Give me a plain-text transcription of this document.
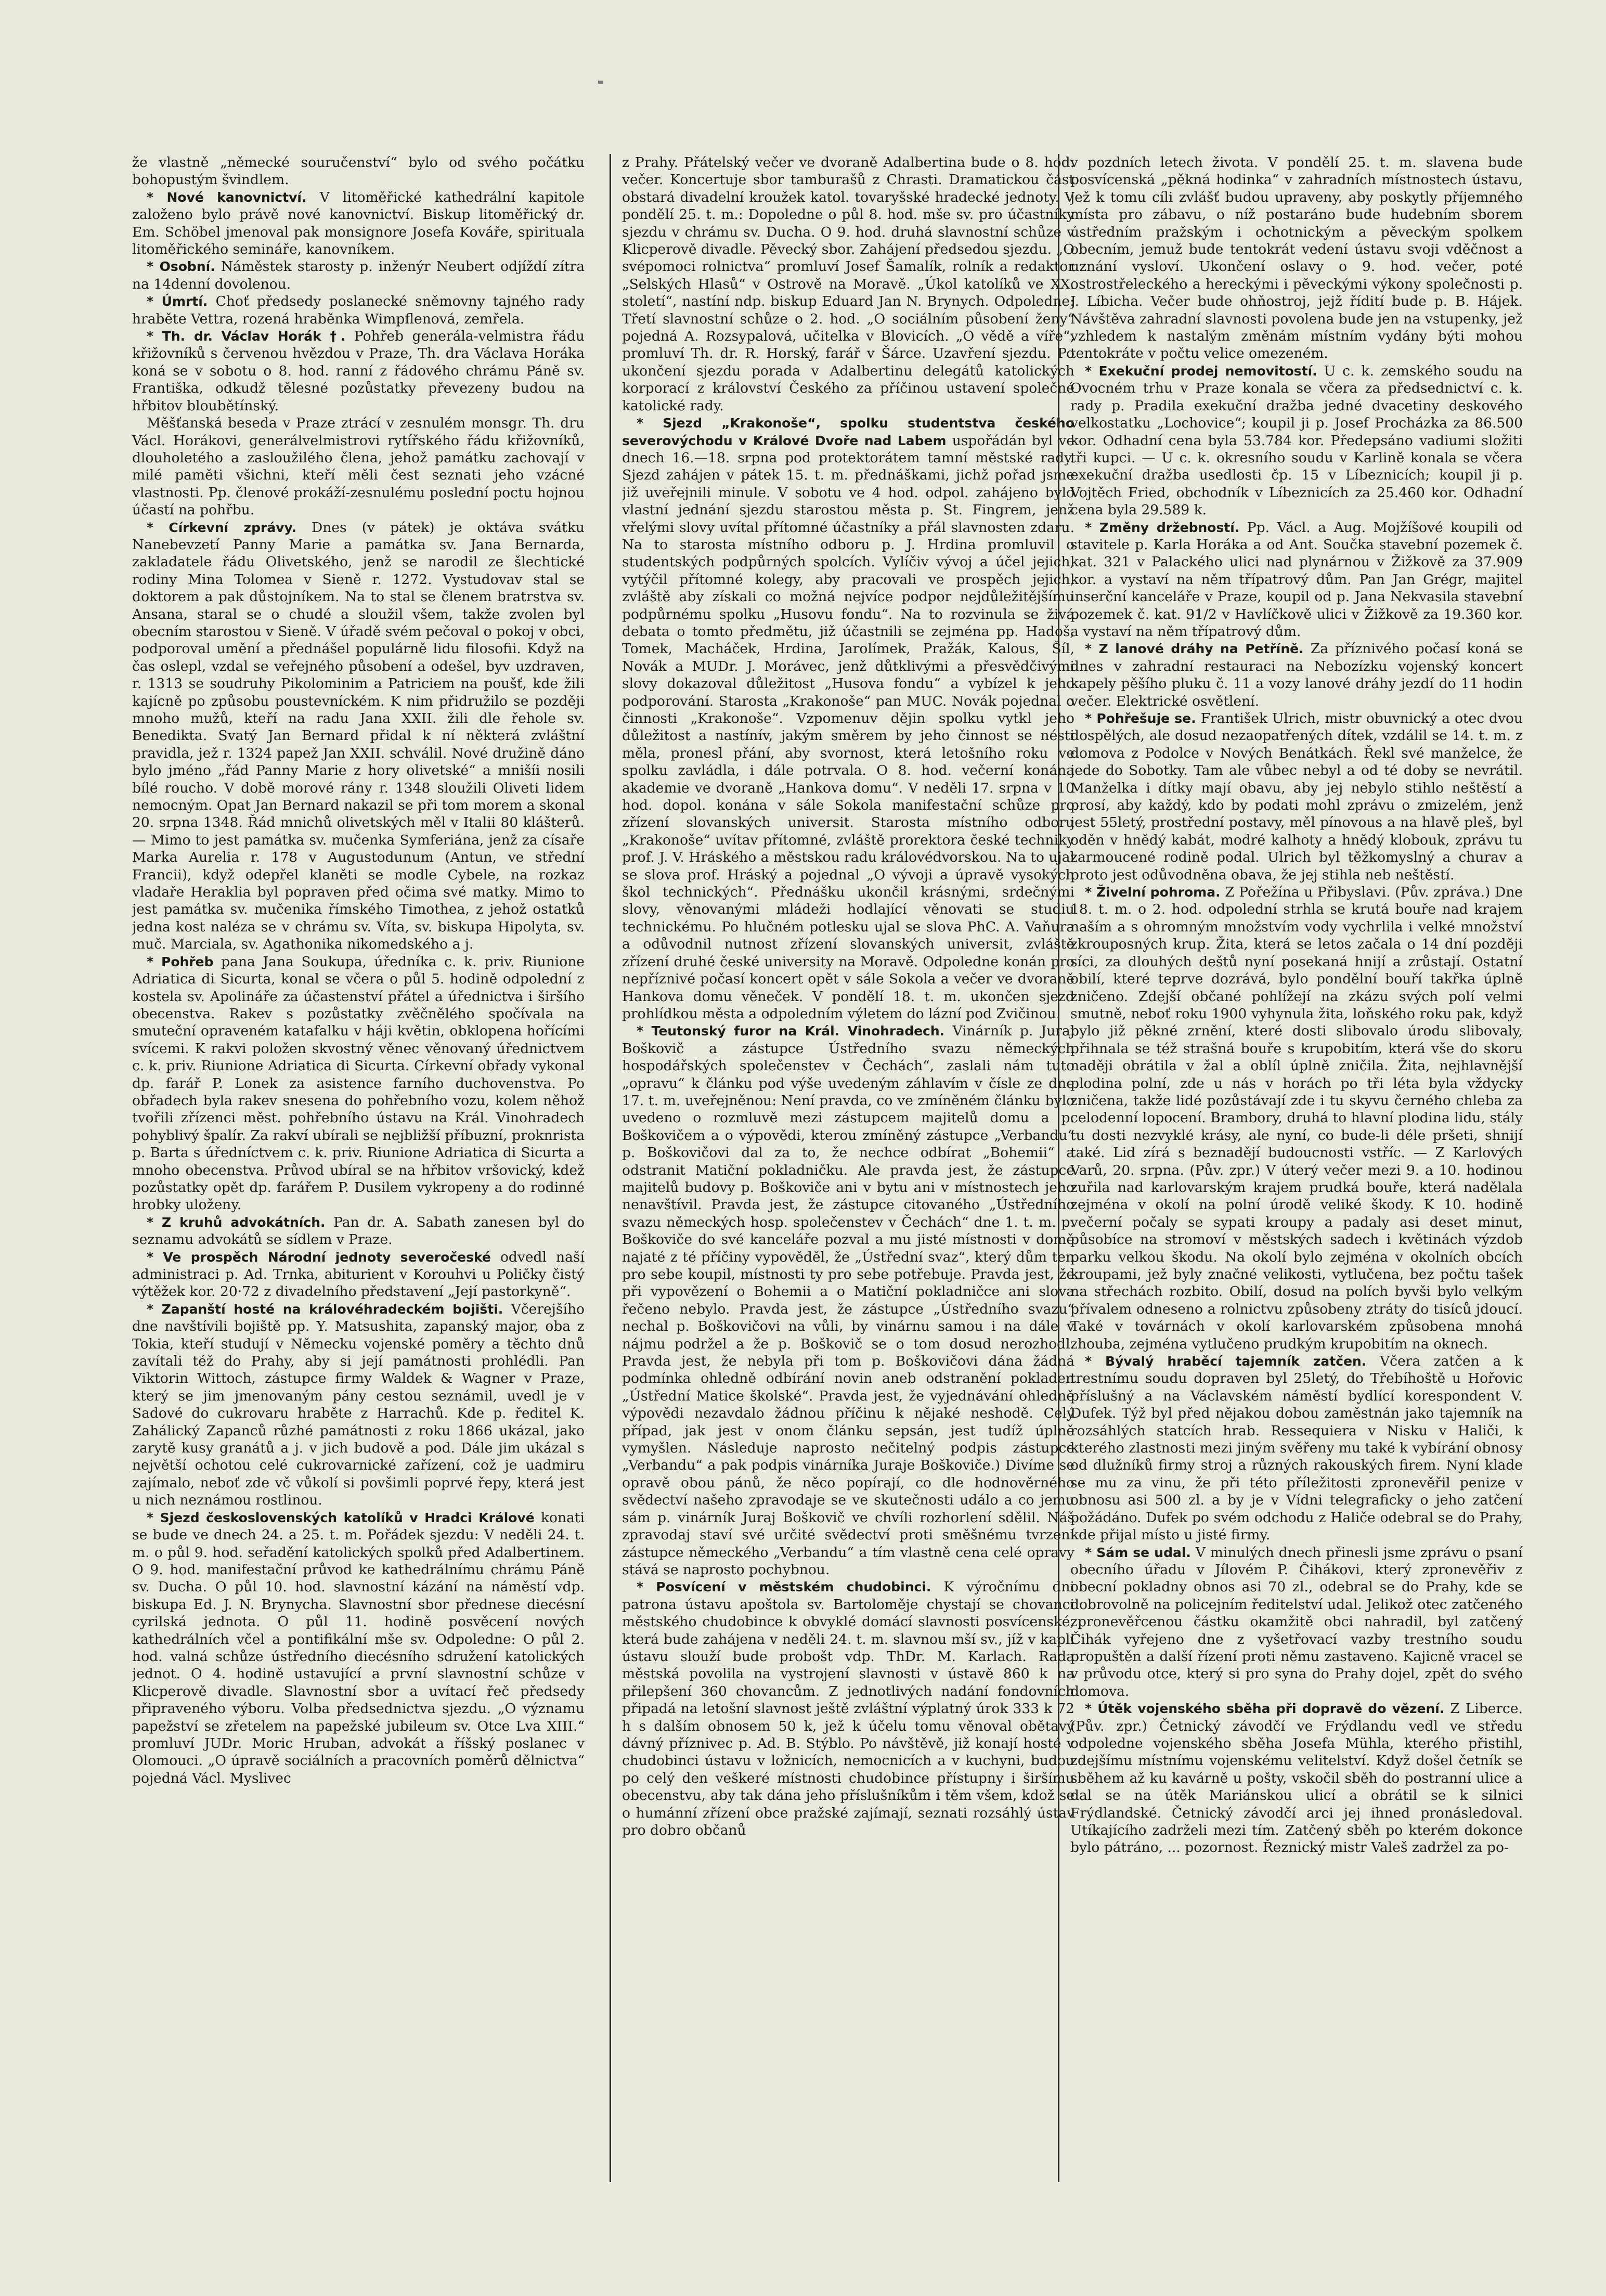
že vlastně „německé souručenství“ bylo od svého počátku bohopustým švindlem.

* Nové kanovnictví. V litoměřické kathedrální kapitole založeno bylo právě nové kanovnictví. Biskup litoměřický dr. Em. Schöbel jmenoval pak monsignore Josefa Kováře, spirituala litoměřického semináře, kanovníkem.

* Osobní. Náměstek starosty p. inženýr Neubert odjíždí zítra na 14denní dovolenou.

* Úmrtí. Choť předsedy poslanecké sněmovny tajného rady hraběte Vettra, rozená hraběnka Wimpflenová, zemřela.

* Th. dr. Václav Horák †. Pohřeb generála-velmistra řádu křižovníků s červenou hvězdou v Praze, Th. dra Václava Horáka koná se v sobotu o 8. hod. ranní z řádového chrámu Páně sv. Františka, odkudž tělesné pozůstatky převezeny budou na hřbitov bloubětínský.

Měšťanská beseda v Praze ztrácí v zesnulém monsgr. Th. dru Václ. Horákovi, generálvelmistrovi rytířského řádu křižovníků, dlouholetého a zasloužilého člena, jehož památku zachovají v milé paměti všichni, kteří měli čest seznati jeho vzácné vlastnosti. Pp. členové prokáží-zesnulému poslední poctu hojnou účastí na pohřbu.

* Církevní zprávy. Dnes (v pátek) je oktáva svátku Nanebevzetí Panny Marie a památka sv. Jana Bernarda, zakladatele řádu Olivetského, jenž se narodil ze šlechtické rodiny Mina Tolomea v Sieně r. 1272. Vystudovav stal se doktorem a pak důstojníkem. Na to stal se členem bratrstva sv. Ansana, staral se o chudé a sloužil všem, takže zvolen byl obecním starostou v Sieně. V úřadě svém pečoval o pokoj v obci, podporoval umění a přednášel populárně lidu filosofii. Když na čas oslepl, vzdal se veřejného působení a odešel, byv uzdraven, r. 1313 se soudruhy Pikolominim a Patriciem na poušť, kde žili kajícně po způsobu poustevníckém. K nim přidružilo se později mnoho mužů, kteří na radu Jana XXII. žili dle řehole sv. Benedikta. Svatý Jan Bernard přidal k ní některá zvláštní pravidla, jež r. 1324 papež Jan XXII. schválil. Nové družině dáno bylo jméno „řád Panny Marie z hory olivetské“ a mnišíi nosili bílé roucho. V době morové rány r. 1348 sloužili Oliveti lidem nemocným. Opat Jan Bernard nakazil se při tom morem a skonal 20. srpna 1348. Řád mnichů olivetských měl v Italii 80 klášterů. — Mimo to jest památka sv. mučenka Symferiána, jenž za císaře Marka Aurelia r. 178 v Augustodunum (Antun, ve střední Francii), když odepřel klaněti se modle Cybele, na rozkaz vladaře Heraklia byl popraven před očima své matky. Mimo to jest památka sv. mučenika římského Timothea, z jehož ostatků jedna kost naléza se v chrámu sv. Víta, sv. biskupa Hipolyta, sv. muč. Marciala, sv. Agathonika nikomedského a j.

* Pohřeb pana Jana Soukupa, úředníka c. k. priv. Riunione Adriatica di Sicurta, konal se včera o půl 5. hodině odpolední z kostela sv. Apolináře za účastenství přátel a úřednictva i širšího obecenstva. Rakev s pozůstatky zvěčnělého spočívala na smuteční opraveném katafalku v háji květin, obklopena hořícími svícemi. K rakvi položen skvostný věnec věnovaný úřednictvem c. k. priv. Riunione Adriatica di Sicurta. Církevní obřady vykonal dp. farář P. Lonek za asistence farního duchovenstva. Po obřadech byla rakev snesena do pohřebního vozu, kolem něhož tvořili zřízenci měst. pohřebního ústavu na Král. Vinohradech pohyblivý špalír. Za rakví ubírali se nejbližší příbuzní, proknrista p. Barta s úředníctvem c. k. priv. Riunione Adriatica di Sicurta a mnoho obecenstva. Průvod ubíral se na hřbitov vršovický, kdež pozůstatky opět dp. farářem P. Dusilem vykropeny a do rodinné hrobky uloženy.

* Z kruhů advokátních. Pan dr. A. Sabath zanesen byl do seznamu advokátů se sídlem v Praze.

* Ve prospěch Národní jednoty severočeské odvedl naší administraci p. Ad. Trnka, abiturient v Korouhvi u Poličky čistý výtěžek kor. 20·72 z divadelního představení „Její pastorkyně“.

* Zapanští hosté na královéhradeckém bojišti. Včerejšího dne navštívili bojiště pp. Y. Matsushita, zapanský major, oba z Tokia, kteří studují v Německu vojenské poměry a těchto dnů zavítali též do Prahy, aby si její památnosti prohlédli. Pan Viktorin Wittoch, zástupce firmy Waldek & Wagner v Praze, který se jim jmenovaným pány cestou seznámil, uvedl je v Sadové do cukrovaru hraběte z Harrachů. Kde p. ředitel K. Zahálický Zapanců růzhé památnosti z roku 1866 ukázal, jako zarytě kusy granátů a j. v jich budově a pod. Dále jim ukázal s největší ochotou celé cukrovarnické zařízení, což je uadmiru zajímalo, neboť zde vč vůkolí si povšimli poprvé řepy, která jest u nich neznámou rostlinou.

* Sjezd československých katolíků v Hradci Králové konati se bude ve dnech 24. a 25. t. m. Pořádek sjezdu: V neděli 24. t. m. o půl 9. hod. seřadění katolických spolků před Adalbertinem. O 9. hod. manifestační průvod ke kathedrálnímu chrámu Páně sv. Ducha. O půl 10. hod. slavnostní kázání na náměstí vdp. biskupa Ed. J. N. Brynycha. Slavnostní sbor přednese diecésní cyrilská jednota. O půl 11. hodině posvěcení nových kathedrálních včel a pontifikální mše sv. Odpoledne: O půl 2. hod. valná schůze ústředního diecésního sdružení katolických jednot. O 4. hodině ustavující a první slavnostní schůze v Klicperově divadle. Slavnostní sbor a uvítací řeč předsedy připraveného výboru. Volba předsednictva sjezdu. „O významu papežství se zřetelem na papežské jubileum sv. Otce Lva XIII.“ promluví JUDr. Moric Hruban, advokát a říšský poslanec v Olomouci. „O úpravě sociálních a pracovních poměrů dělnictva“ pojedná Václ. Myslivec

z Prahy. Přátelský večer ve dvoraně Adalbertina bude o 8. hod. večer. Koncertuje sbor tamburašů z Chrasti. Dramatickou část obstará divadelní kroužek katol. tovaryšské hradecké jednoty. V pondělí 25. t. m.: Dopoledne o půl 8. hod. mše sv. pro účastníky sjezdu v chrámu sv. Ducha. O 9. hod. druhá slavnostní schůze v Klicperově divadle. Pěvecký sbor. Zahájení předsedou sjezdu. „O svépomoci rolnictva“ promluví Josef Šamalík, rolník a redaktor „Selských Hlasů“ v Ostrově na Moravě. „Úkol katolíků ve XX. století“, nastíní ndp. biskup Eduard Jan N. Brynych. Odpoledne: Třetí slavnostní schůze o 2. hod. „O sociálním působení ženy“ pojedná A. Rozsypalová, učitelka v Blovicích. „O vědě a víře“, promluví Th. dr. R. Horský, farář v Šárce. Uzavření sjezdu. Po ukončení sjezdu porada v Adalbertinu delegátů katolických korporací z království Českého za příčinou ustavení společné katolické rady.

* Sjezd „Krakonoše“, spolku studentstva českého severovýchodu v Králové Dvoře nad Labem uspořádán byl ve dnech 16.—18. srpna pod protektorátem tamní městské rady. Sjezd zahájen v pátek 15. t. m. přednáškami, jichž pořad jsme již uveřejnili minule. V sobotu ve 4 hod. odpol. zahájeno bylo vlastní jednání sjezdu starostou města p. St. Fingrem, jenž vřelými slovy uvítal přítomné účastníky a přál slavnosten zdaru. Na to starosta místního odboru p. J. Hrdina promluvil o studentských podpůrných spolcích. Vylíčiv vývoj a účel jejich, vytýčil přítomné kolegy, aby pracovali ve prospěch jejich, zvláště aby získali co možná nejvíce podpor nejdůležitějšímu podpůrnému spolku „Husovu fondu“. Na to rozvinula se živá debata o tomto předmětu, již účastnili se zejména pp. Hadoš, Tomek, Macháček, Hrdina, Jarolímek, Pražák, Kalous, Šíl, Novák a MUDr. J. Morávec, jenž důtklivými a přesvědčivými slovy dokazoval důležitost „Husova fondu“ a vybízel k jeho podporování. Starosta „Krakonoše“ pan MUC. Novák pojednal o činnosti „Krakonoše“. Vzpomenuv dějin spolku vytkl jeho důležitost a nastínív, jakým směrem by jeho činnost se nésti měla, pronesl přání, aby svornost, která letošního roku ve spolku zavládla, i dále potrvala. O 8. hod. večerní konána akademie ve dvoraně „Hankova domu“. V neděli 17. srpna v 10 hod. dopol. konána v sále Sokola manifestační schůze pro zřízení slovanských universit. Starosta místního odboru „Krakonoše“ uvítav přítomné, zvláště prorektora české techniky prof. J. V. Hráského a městskou radu královédvorskou. Na to ujal se slova prof. Hráský a pojednal „O vývoji a úpravě vysokých škol technických“. Přednášku ukončil krásnými, srdečnými slovy, věnovanými mládeži hodlající věnovati se studiu technickému. Po hlučném potlesku ujal se slova PhC. A. Vaňura a odůvodnil nutnost zřízení slovanských universit, zvláště zřízení druhé české university na Moravě. Odpoledne konán pro nepříznivé počasí koncert opět v sále Sokola a večer ve dvoraně Hankova domu věneček. V pondělí 18. t. m. ukončen sjezd prohlídkou města a odpoledním výletem do lázní pod Zvičinou.

* Teutonský furor na Král. Vinohradech. Vinárník p. Juraj Boškovič a zástupce Ústředního svazu německých hospodářských společenstev v Čechách“, zaslali nám tuto „opravu“ k článku pod výše uvedeným záhlavím v čísle ze dne 17. t. m. uveřejněnou: Není pravda, co ve zmíněném článku bylo uvedeno o rozmluvě mezi zástupcem majitelů domu a p. Boškovičem a o výpovědi, kterou zmíněný zástupce „Verbandu“ p. Boškovičovi dal za to, že nechce odbírat „Bohemii“ a odstranit Matiční pokladničku. Ale pravda jest, že zástupce majitelů budovy p. Boškoviče ani v bytu ani v místnostech jeho nenavštívil. Pravda jest, že zástupce citovaného „Ústředního svazu německých hosp. společenstev v Čechách“ dne 1. t. m. p. Boškoviče do své kanceláře pozval a mu jisté místnosti v domě najaté z té příčiny vypověděl, že „Ústřední svaz“, který dům ten pro sebe koupil, místnosti ty pro sebe potřebuje. Pravda jest, že při vypovězení o Bohemii a o Matiční pokladničce ani slova řečeno nebylo. Pravda jest, že zástupce „Ústředního svazu“ nechal p. Boškovičovi na vůli, by vinárnu samou i na dále v nájmu podržel a že p. Boškovič se o tom dosud nerozhodl. Pravda jest, že nebyla při tom p. Boškovičovi dána žádná podmínka ohledně odbírání novin aneb odstranění pokladen „Ústřední Matice školské“. Pravda jest, že vyjednávání ohledně výpovědi nezavdalo žádnou příčinu k nějaké neshodě. Celý případ, jak jest v onom článku sepsán, jest tudíž úplně vymyšlen. Následuje naprosto nečitelný podpis zástupce „Verbandu“ a pak podpis vinárníka Juraje Boškoviče.) Divíme se opravě obou pánů, že něco popírají, co dle hodnověrného svědectví našeho zpravodaje se ve skutečnosti událo a co jemu sám p. vinárník Juraj Boškovič ve chvíli rozhorlení sdělil. Náš zpravodaj staví své určité svědectví proti směšnému tvrzení zástupce německého „Verbandu“ a tím vlastně cena celé opravy stává se naprosto pochybnou.

* Posvícení v městském chudobinci. K výročnímu dni patrona ústavu apoštola sv. Bartoloměje chystají se chovanci městského chudobince k obvyklé domácí slavnosti posvícenské, která bude zahájena v neděli 24. t. m. slavnou mší sv., jíž v kapli ústavu slouží bude probošt vdp. ThDr. M. Karlach. Rada městská povolila na vystrojení slavnosti v ústavě 860 k na přilepšení 360 chovancům. Z jednotlivých nadání fondovních připadá na letošní slavnost ještě zvláštní výplatný úrok 333 k 72 h s dalším obnosem 50 k, jež k účelu tomu věnoval obětavý dávný příznivec p. Ad. B. Stýblo. Po návštěvě, již konají hosté v chudobinci ústavu v ložnicích, nemocnicích a v kuchyni, budou po celý den veškeré místnosti chudobince přístupny i širšímu obecenstvu, aby tak dána jeho příslušníkům i těm všem, kdož se o humánní zřízení obce pražské zajímají, seznati rozsáhlý ústav pro dobro občanů

v pozdních letech života. V pondělí 25. t. m. slavena bude posvícenská „pěkná hodinka“ v zahradních místnostech ústavu, jež k tomu cíli zvlášť budou upraveny, aby poskytly příjemného místa pro zábavu, o níž postaráno bude hudebním sborem ústředním pražským i ochotnickým a pěveckým spolkem obecním, jemuž bude tentokrát vedení ústavu svoji vděčnost a uznání vysloví. Ukončení oslavy o 9. hod. večer, poté ostrostřeleckého a hereckými i pěveckými výkony společnosti p. J. Líbicha. Večer bude ohňostroj, jejž řídití bude p. B. Hájek. Návštěva zahradní slavnosti povolena bude jen na vstupenky, jež vzhledem k nastalým změnám místním vydány býti mohou tentokráte v počtu velice omezeném.

* Exekuční prodej nemovitostí. U c. k. zemského soudu na Ovocném trhu v Praze konala se včera za předsednictví c. k. rady p. Pradila exekuční dražba jedné dvacetiny deskového velkostatku „Lochovice“; koupil ji p. Josef Procházka za 86.500 kor. Odhadní cena byla 53.784 kor. Předepsáno vadiumi složiti tři kupci. — U c. k. okresního soudu v Karlině konala se včera exekuční dražba usedlosti čp. 15 v Líbeznicích; koupil ji p. Vojtěch Fried, obchodník v Líbeznicích za 25.460 kor. Odhadní cena byla 29.589 k.

* Změny držebností. Pp. Václ. a Aug. Mojžíšové koupili od stavitele p. Karla Horáka a od Ant. Součka stavební pozemek č. kat. 321 v Palackého ulici nad plynárnou v Žižkově za 37.909 kor. a vystaví na něm třípatrový dům. Pan Jan Grégr, majitel inserční kanceláře v Praze, koupil od p. Jana Nekvasila stavební pozemek č. kat. 91/2 v Havlíčkově ulici v Žižkově za 19.360 kor. a vystaví na něm třípatrový dům.

* Z lanové dráhy na Petříně. Za příznivého počasí koná se dnes v zahradní restauraci na Nebozízku vojenský koncert kapely pěšího pluku č. 11 a vozy lanové dráhy jezdí do 11 hodin večer. Elektrické osvětlení.

* Pohřešuje se. František Ulrich, mistr obuvnický a otec dvou dospělých, ale dosud nezaopatřených dítek, vzdálil se 14. t. m. z domova z Podolce v Nových Benátkách. Řekl své manželce, že jede do Sobotky. Tam ale vůbec nebyl a od té doby se nevrátil. Manželka i dítky mají obavu, aby jej nebylo stihlo neštěstí a prosí, aby každý, kdo by podati mohl zprávu o zmizelém, jenž jest 55letý, prostřední postavy, měl pínovous a na hlavě pleš, byl oděn v hnědý kabát, modré kalhoty a hnědý klobouk, zprávu tu zarmoucené rodině podal. Ulrich byl těžkomyslný a churav a proto jest odůvodněna obava, že jej stihla neb neštěstí.

* Živelní pohroma. Z Pořežína u Přibyslavi. (Pův. zpráva.) Dne 18. t. m. o 2. hod. odpolední strhla se krutá bouře nad krajem naším a s ohromným množstvím vody vychrlila i velké množství zkrouposných krup. Žita, která se letos začala o 14 dní později síci, za dlouhých deštů nyní posekaná hnijí a zrůstají. Ostatní obilí, které teprve dozrává, bylo pondělní bouří takřka úplně zničeno. Zdejší občané pohlížejí na zkázu svých polí velmi smutně, neboť roku 1900 vyhynula žita, loňského roku pak, když bylo již pěkné zrnění, které dosti slibovalo úrodu slibovaly, přihnala se též strašná bouře s krupobitím, která vše do skoru naději obrátila v žal a oblíl úplně zničila. Žita, nejhlavnější plodina polní, zde u nás v horách po tři léta byla vždycky zničena, takže lidé pozůstávají zde i tu skyvu černého chleba za celodenní lopocení. Brambory, druhá to hlavní plodina lidu, stály tu dosti nezvyklé krásy, ale nyní, co bude-li déle pršeti, shnijí také. Lid zírá s beznadějí budoucnosti vstříc. — Z Karlových Varů, 20. srpna. (Pův. zpr.) V úterý večer mezi 9. a 10. hodinou zuřila nad karlovarským krajem prudká bouře, která nadělala zejména v okolí na polní úrodě veliké škody. K 10. hodině večerní počaly se sypati kroupy a padaly asi deset minut, působíce na stromoví v městských sadech i květinách výzdob parku velkou škodu. Na okolí bylo zejména v okolních obcích kroupami, jež byly značné velikosti, vytlučena, bez počtu tašek na střechách rozbito. Obilí, dosud na polích byvši bylo velkým přívalem odneseno a rolnictvu způsobeny ztráty do tisíců jdoucí. Také v továrnách v okolí karlovarském způsobena mnohá zhouba, zejména vytlučeno prudkým krupobitím na oknech.

* Bývalý hraběcí tajemník zatčen. Včera zatčen a k trestnímu soudu dopraven byl 25letý, do Třebíhoště u Hořovic příslušný a na Václavském náměstí bydlící korespondent V. Dufek. Týž byl před nějakou dobou zaměstnán jako tajemník na rozsáhlých statcích hrab. Ressequiera v Nisku v Haliči, k kterého zlastnosti mezi jiným svěřeny mu také k vybírání obnosy od dlužníků firmy stroj a různých rakouských firem. Nyní klade se mu za vinu, že při této příležitosti zpronevěřil penize v obnosu asi 500 zl. a by je v Vídni telegraficky o jeho zatčení požádáno. Dufek po svém odchodu z Haliče odebral se do Prahy, kde přijal místo u jisté firmy.

* Sám se udal. V minulých dnech přinesli jsme zprávu o psaní obecního úřadu v Jílovém P. Čihákovi, který zpronevěřiv z obecní pokladny obnos asi 70 zl., odebral se do Prahy, kde se dobrovolně na policejním ředitelství udal. Jelikož otec zatčeného zpronevěřcenou částku okamžitě obci nahradil, byl zatčený Čihák vyřejeno dne z vyšetřovací vazby trestního soudu propuštěn a další řízení proti němu zastaveno. Kajicně vracel se v průvodu otce, který si pro syna do Prahy dojel, zpět do svého domova.

* Útěk vojenského sběha při dopravě do vězení. Z Liberce. (Pův. zpr.) Četnický závodčí ve Frýdlandu vedl ve středu odpoledne vojenského sběha Josefa Mühla, kterého přistihl, zdejšímu místnímu vojenskému velitelství. Když došel četník se sběhem až ku kavárně u pošty, vskočil sběh do postranní ulice a dal se na útěk Mariánskou ulicí a obrátil se k silnici Frýdlandské. Četnický závodčí arci jej ihned pronásledoval. Utíkajícího zadrželi mezi tím. Zatčený sběh po kterém dokonce bylo pátráno, ... pozornost. Řeznický mistr Valeš zadržel za po-
